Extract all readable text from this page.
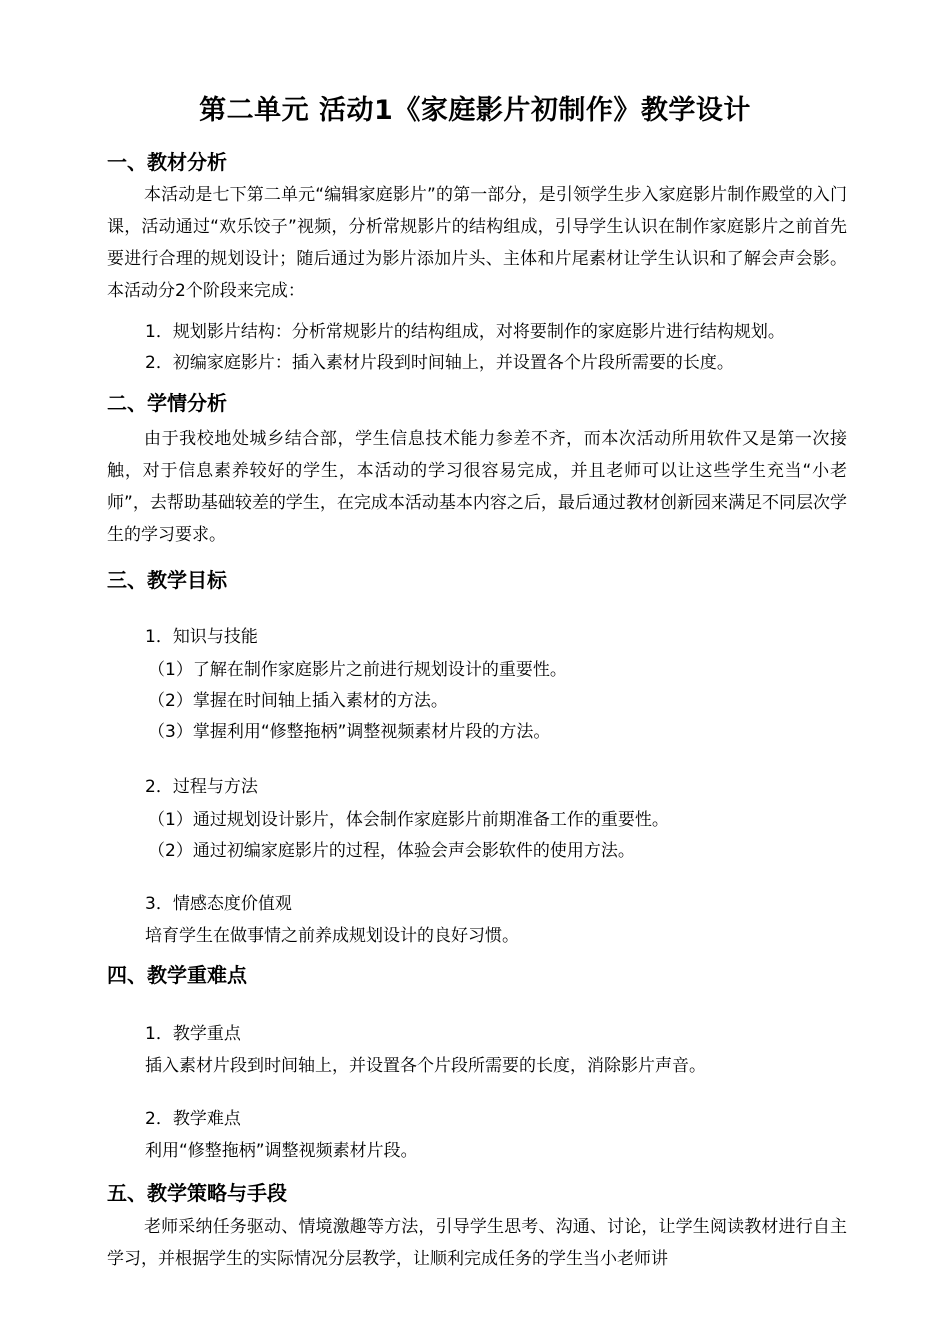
第二单元 活动1《家庭影片初制作》教学设计
一、教材分析
本活动是七下第二单元“编辑家庭影片”的第一部分，是引领学生步入家庭影片制作殿堂的入门课，活动通过“欢乐饺子”视频，分析常规影片的结构组成，引导学生认识在制作家庭影片之前首先要进行合理的规划设计；随后通过为影片添加片头、主体和片尾素材让学生认识和了解会声会影。本活动分2个阶段来完成：
1．规划影片结构：分析常规影片的结构组成，对将要制作的家庭影片进行结构规划。
2．初编家庭影片：插入素材片段到时间轴上，并设置各个片段所需要的长度。
二、学情分析
由于我校地处城乡结合部，学生信息技术能力参差不齐，而本次活动所用软件又是第一次接触，对于信息素养较好的学生，本活动的学习很容易完成，并且老师可以让这些学生充当“小老师”，去帮助基础较差的学生，在完成本活动基本内容之后，最后通过教材创新园来满足不同层次学生的学习要求。
三、教学目标
1．知识与技能
（1）了解在制作家庭影片之前进行规划设计的重要性。
（2）掌握在时间轴上插入素材的方法。
（3）掌握利用“修整拖柄”调整视频素材片段的方法。
2．过程与方法
（1）通过规划设计影片，体会制作家庭影片前期准备工作的重要性。
（2）通过初编家庭影片的过程，体验会声会影软件的使用方法。
3．情感态度价值观
培育学生在做事情之前养成规划设计的良好习惯。
四、教学重难点
1．教学重点
插入素材片段到时间轴上，并设置各个片段所需要的长度，消除影片声音。
2．教学难点
利用“修整拖柄”调整视频素材片段。
五、教学策略与手段
老师采纳任务驱动、情境激趣等方法，引导学生思考、沟通、讨论，让学生阅读教材进行自主学习，并根据学生的实际情况分层教学，让顺利完成任务的学生当小老师讲
